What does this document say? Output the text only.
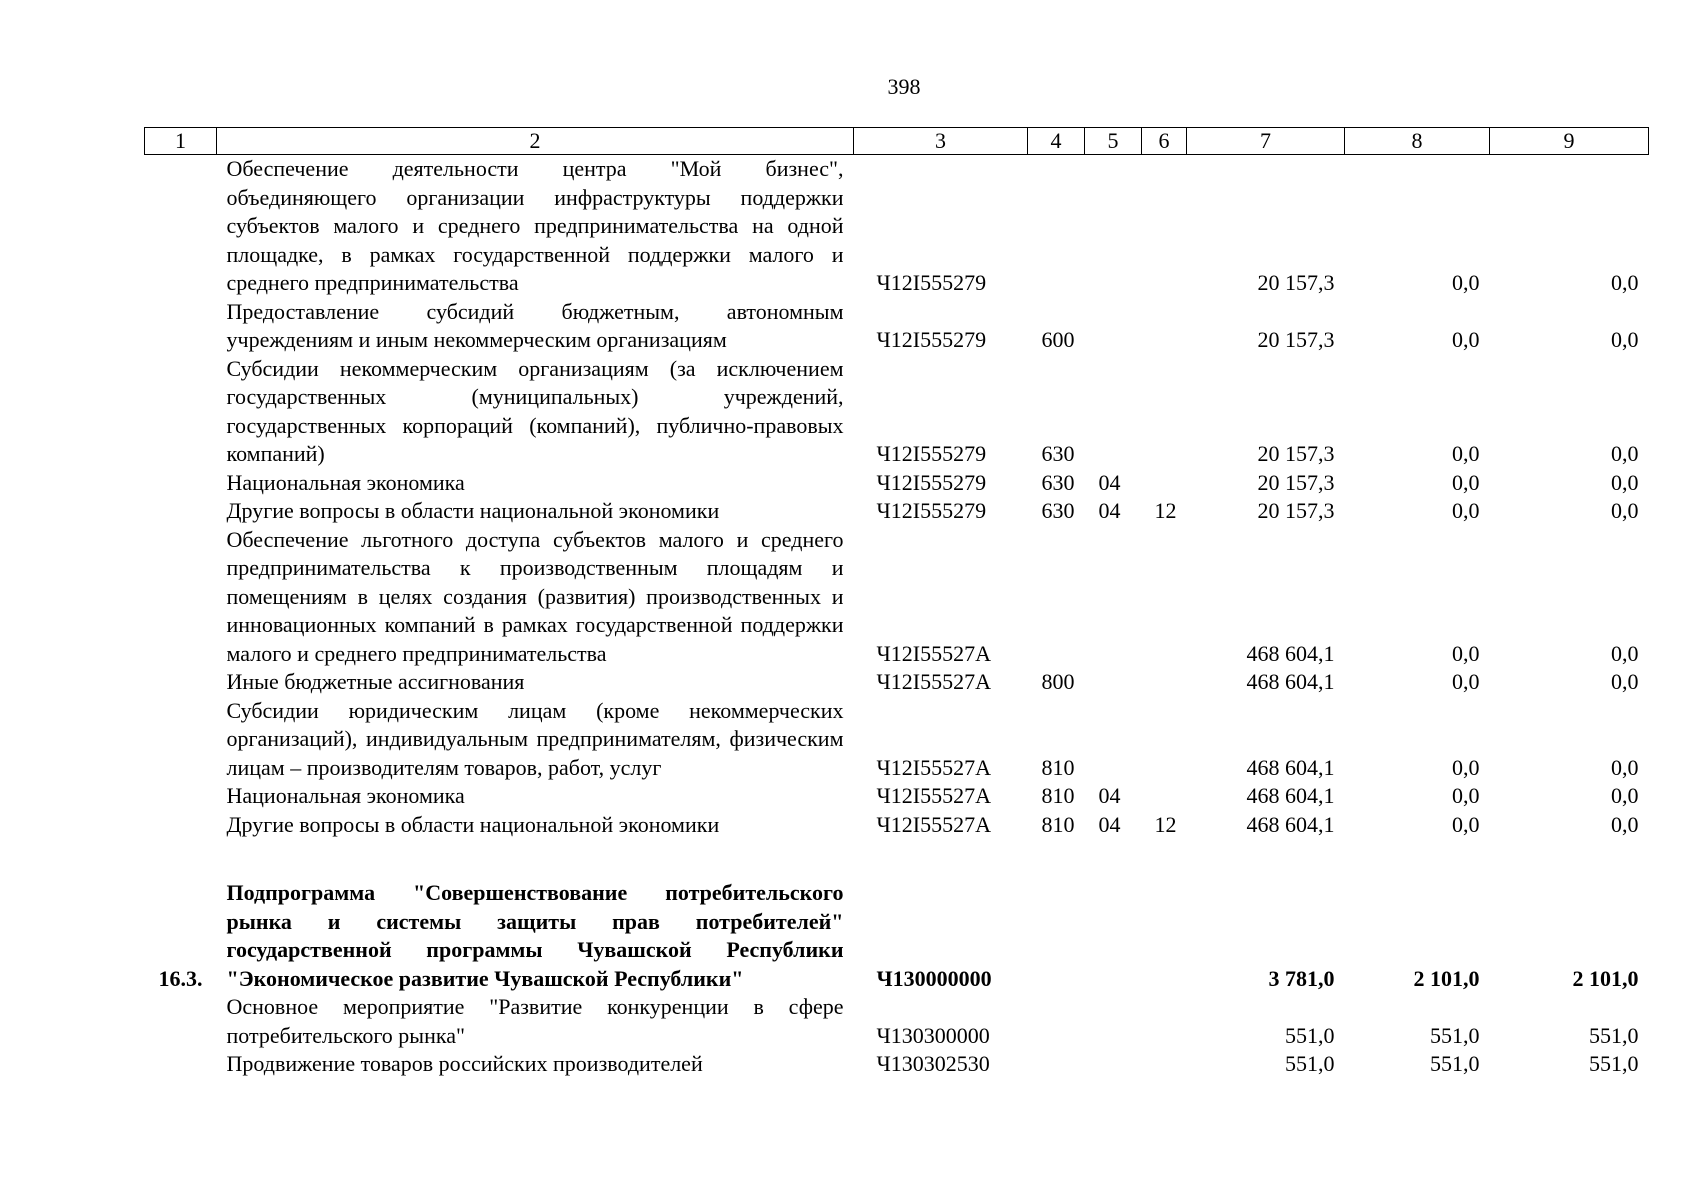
398
1	2	3	4	5	6	7	8	9
	Обеспечение деятельности центра "Мой бизнес", объединяющего организации инфраструктуры поддержки субъектов малого и среднего предпринимательства на одной площадке, в рамках государственной поддержки малого и среднего предпринимательства	Ч12I555279				20 157,3	0,0	0,0
	Предоставление субсидий бюджетным, автономным учреждениям и иным некоммерческим организациям	Ч12I555279	600			20 157,3	0,0	0,0
	Субсидии некоммерческим организациям (за исключением государственных (муниципальных) учреждений, государственных корпораций (компаний), публично-правовых компаний)	Ч12I555279	630			20 157,3	0,0	0,0
	Национальная экономика	Ч12I555279	630	04		20 157,3	0,0	0,0
	Другие вопросы в области национальной экономики	Ч12I555279	630	04	12	20 157,3	0,0	0,0
	Обеспечение льготного доступа субъектов малого и среднего предпринимательства к производственным площадям и помещениям в целях создания (развития) производственных и инновационных компаний в рамках государственной поддержки малого и среднего предпринимательства	Ч12I55527А				468 604,1	0,0	0,0
	Иные бюджетные ассигнования	Ч12I55527А	800			468 604,1	0,0	0,0
	Субсидии юридическим лицам (кроме некоммерческих организаций), индивидуальным предпринимателям, физическим лицам – производителям товаров, работ, услуг	Ч12I55527А	810			468 604,1	0,0	0,0
	Национальная экономика	Ч12I55527А	810	04		468 604,1	0,0	0,0
	Другие вопросы в области национальной экономики	Ч12I55527А	810	04	12	468 604,1	0,0	0,0

16.3.	Подпрограмма "Совершенствование потребительского рынка и системы защиты прав потребителей" государственной программы Чувашской Республики "Экономическое развитие Чувашской Республики"	Ч130000000				3 781,0	2 101,0	2 101,0
	Основное мероприятие "Развитие конкуренции в сфере потребительского рынка"	Ч130300000				551,0	551,0	551,0
	Продвижение товаров российских производителей	Ч130302530				551,0	551,0	551,0
